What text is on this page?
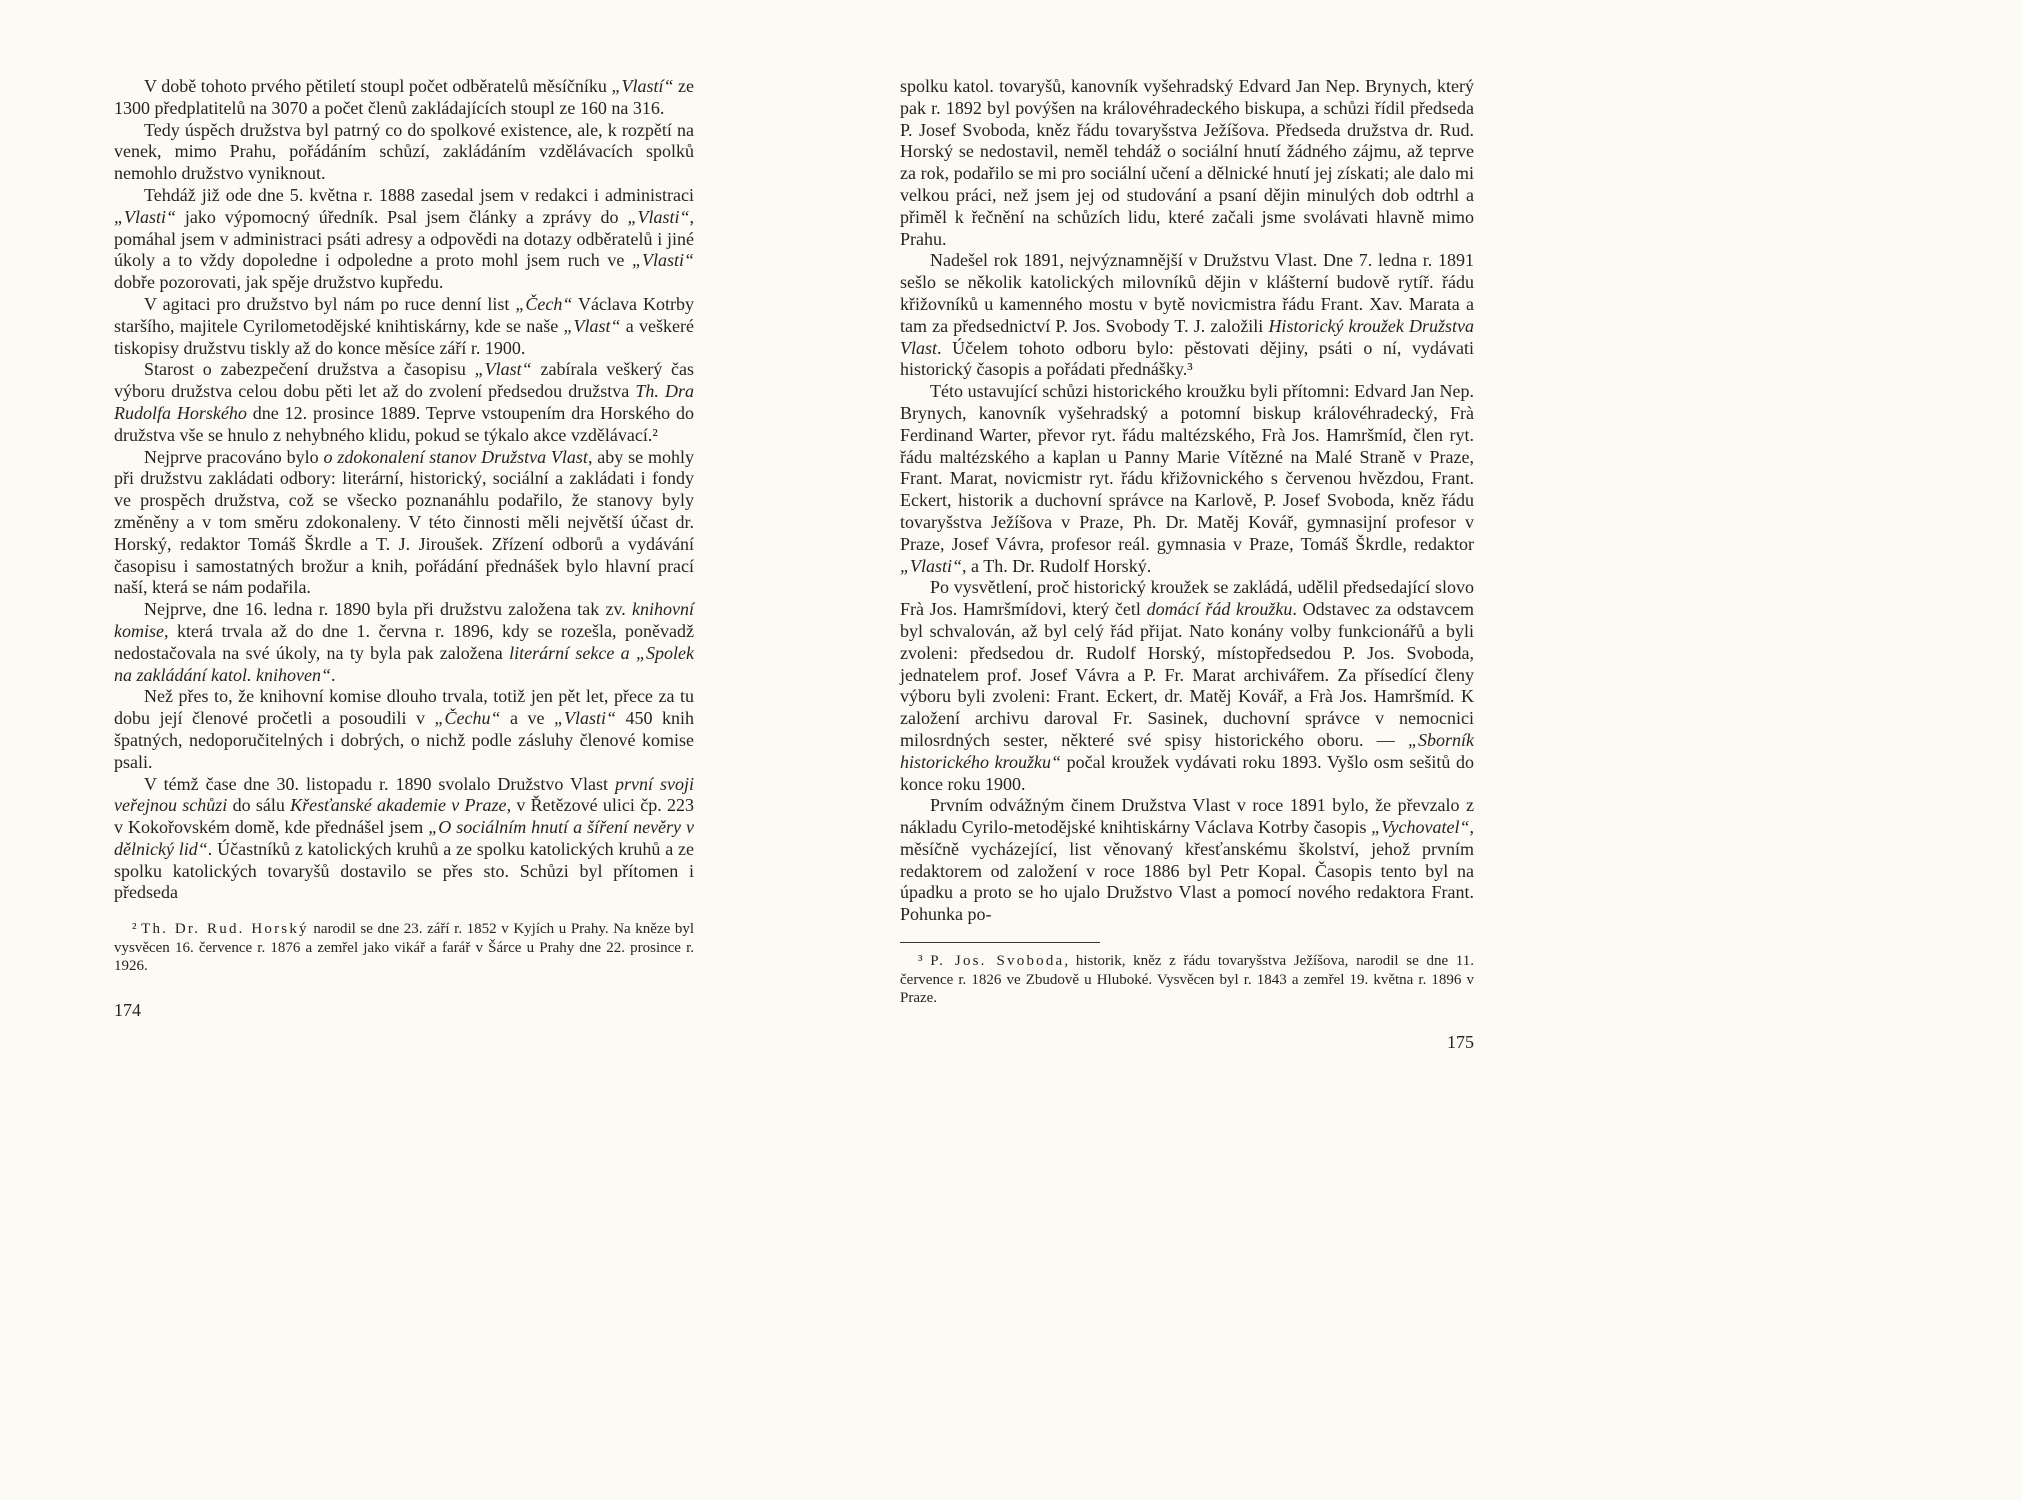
V době tohoto prvého pětiletí stoupl počet odběratelů měsíčníku „Vlastí“ ze 1300 předplatitelů na 3070 a počet členů zakládajících stoupl ze 160 na 316.

Tedy úspěch družstva byl patrný co do spolkové existence, ale, k rozpětí na venek, mimo Prahu, pořádáním schůzí, zakládáním vzdělávacích spolků nemohlo družstvo vyniknout.

Tehdáž již ode dne 5. května r. 1888 zasedal jsem v redakci i administraci „Vlasti“ jako výpomocný úředník. Psal jsem články a zprávy do „Vlasti“, pomáhal jsem v administraci psáti adresy a odpovědi na dotazy odběratelů i jiné úkoly a to vždy dopoledne i odpoledne a proto mohl jsem ruch ve „Vlasti“ dobře pozorovati, jak spěje družstvo kupředu.

V agitaci pro družstvo byl nám po ruce denní list „Čech“ Václava Kotrby staršího, majitele Cyrilometodějské knihtiskárny, kde se naše „Vlast“ a veškeré tiskopisy družstvu tiskly až do konce měsíce září r. 1900.

Starost o zabezpečení družstva a časopisu „Vlast“ zabírala veškerý čas výboru družstva celou dobu pěti let až do zvolení předsedou družstva Th. Dra Rudolfa Horského dne 12. prosince 1889. Teprve vstoupením dra Horského do družstva vše se hnulo z nehybného klidu, pokud se týkalo akce vzdělávací.²

Nejprve pracováno bylo o zdokonalení stanov Družstva Vlast, aby se mohly při družstvu zakládati odbory: literární, historický, sociální a zakládati i fondy ve prospěch družstva, což se všecko poznanáhlu podařilo, že stanovy byly změněny a v tom směru zdokonaleny. V této činnosti měli největší účast dr. Horský, redaktor Tomáš Škrdle a T. J. Jiroušek. Zřízení odborů a vydávání časopisu i samostatných brožur a knih, pořádání přednášek bylo hlavní prací naší, která se nám podařila.

Nejprve, dne 16. ledna r. 1890 byla při družstvu založena tak zv. knihovní komise, která trvala až do dne 1. června r. 1896, kdy se rozešla, poněvadž nedostačovala na své úkoly, na ty byla pak založena literární sekce a „Spolek na zakládání katol. knihoven“.

Než přes to, že knihovní komise dlouho trvala, totiž jen pět let, přece za tu dobu její členové pročetli a posoudili v „Čechu“ a ve „Vlasti“ 450 knih špatných, nedoporučitelných i dobrých, o nichž podle zásluhy členové komise psali.

V témž čase dne 30. listopadu r. 1890 svolalo Družstvo Vlast první svoji veřejnou schůzi do sálu Křesťanské akademie v Praze, v Řetězové ulici čp. 223 v Kokořovském domě, kde přednášel jsem „O sociálním hnutí a šíření nevěry v dělnický lid“. Účastníků z katolických kruhů a ze spolku katolických kruhů a ze spolku katolických tovaryšů dostavilo se přes sto. Schůzi byl přítomen i předseda

² Th. Dr. Rud. Horský narodil se dne 23. září r. 1852 v Kyjích u Prahy. Na kněze byl vysvěcen 16. července r. 1876 a zemřel jako vikář a farář v Šárce u Prahy dne 22. prosince r. 1926.

174

spolku katol. tovaryšů, kanovník vyšehradský Edvard Jan Nep. Brynych, který pak r. 1892 byl povýšen na královéhradeckého biskupa, a schůzi řídil předseda P. Josef Svoboda, kněz řádu tovaryšstva Ježíšova. Předseda družstva dr. Rud. Horský se nedostavil, neměl tehdáž o sociální hnutí žádného zájmu, až teprve za rok, podařilo se mi pro sociální učení a dělnické hnutí jej získati; ale dalo mi velkou práci, než jsem jej od studování a psaní dějin minulých dob odtrhl a přiměl k řečnění na schůzích lidu, které začali jsme svolávati hlavně mimo Prahu.

Nadešel rok 1891, nejvýznamnější v Družstvu Vlast. Dne 7. ledna r. 1891 sešlo se několik katolických milovníků dějin v klášterní budově rytíř. řádu křižovníků u kamenného mostu v bytě novicmistra řádu Frant. Xav. Marata a tam za předsednictví P. Jos. Svobody T. J. založili Historický kroužek Družstva Vlast. Účelem tohoto odboru bylo: pěstovati dějiny, psáti o ní, vydávati historický časopis a pořádati přednášky.³

Této ustavující schůzi historického kroužku byli přítomni: Edvard Jan Nep. Brynych, kanovník vyšehradský a potomní biskup královéhradecký, Frà Ferdinand Warter, převor ryt. řádu maltézského, Frà Jos. Hamršmíd, člen ryt. řádu maltézského a kaplan u Panny Marie Vítězné na Malé Straně v Praze, Frant. Marat, novicmistr ryt. řádu křižovnického s červenou hvězdou, Frant. Eckert, historik a duchovní správce na Karlově, P. Josef Svoboda, kněz řádu tovaryšstva Ježíšova v Praze, Ph. Dr. Matěj Kovář, gymnasijní profesor v Praze, Josef Vávra, profesor reál. gymnasia v Praze, Tomáš Škrdle, redaktor „Vlasti“, a Th. Dr. Rudolf Horský.

Po vysvětlení, proč historický kroužek se zakládá, udělil předsedající slovo Frà Jos. Hamršmídovi, který četl domácí řád kroužku. Odstavec za odstavcem byl schvalován, až byl celý řád přijat. Nato konány volby funkcionářů a byli zvoleni: předsedou dr. Rudolf Horský, místopředsedou P. Jos. Svoboda, jednatelem prof. Josef Vávra a P. Fr. Marat archivářem. Za přísedící členy výboru byli zvoleni: Frant. Eckert, dr. Matěj Kovář, a Frà Jos. Hamršmíd. K založení archivu daroval Fr. Sasinek, duchovní správce v nemocnici milosrdných sester, některé své spisy historického oboru. — „Sborník historického kroužku“ počal kroužek vydávati roku 1893. Vyšlo osm sešitů do konce roku 1900.

Prvním odvážným činem Družstva Vlast v roce 1891 bylo, že převzalo z nákladu Cyrilo-metodějské knihtiskárny Václava Kotrby časopis „Vychovatel“, měsíčně vycházející, list věnovaný křesťanskému školství, jehož prvním redaktorem od založení v roce 1886 byl Petr Kopal. Časopis tento byl na úpadku a proto se ho ujalo Družstvo Vlast a pomocí nového redaktora Frant. Pohunka po-

³ P. Jos. Svoboda, historik, kněz z řádu tovaryšstva Ježíšova, narodil se dne 11. července r. 1826 ve Zbudově u Hluboké. Vysvěcen byl r. 1843 a zemřel 19. května r. 1896 v Praze.

175
